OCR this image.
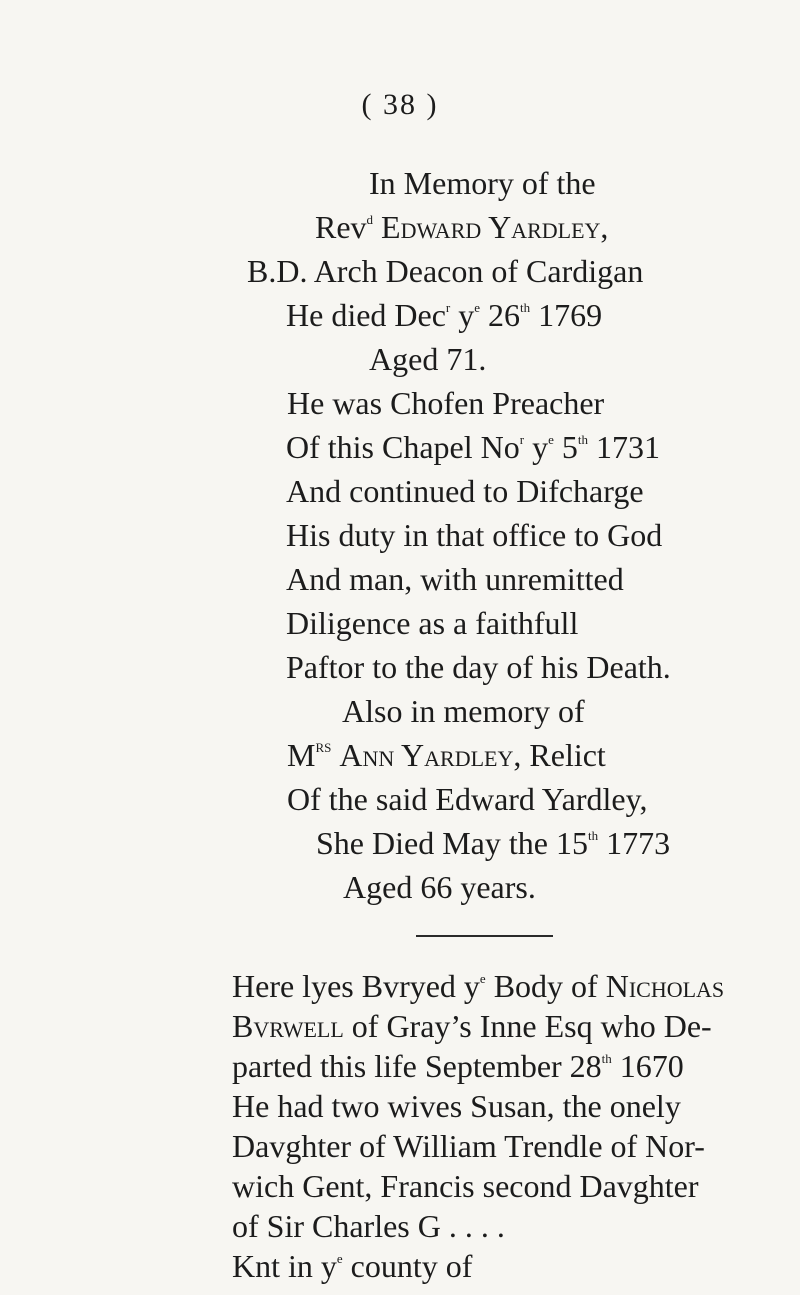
( 38 )
In Memory of the
Rev$^d$ Edward Yardley,
B.D. Arch Deacon of Cardigan
He died Dec$^r$ $y^e$ 26th 1769
Aged 71.
He was Chofen Preacher
Of this Chapel No$^r$ $y^e$ 5th 1731
And continued to Difcharge
His duty in that office to God
And man, with unremitted
Diligence as a faithfull
Paftor to the day of his Death.
Also in memory of
$M^{RS}$ Ann Yardley, Relict
Of the said Edward Yardley,
She Died May the 15th 1773
Aged 66 years.
Here lyes Bvryed $y^e$ Body of Nicholas
Bvrwell of Gray’s Inne Esq who De-
parted this life September 28th 1670
He had two wives Susan, the onely
Davghter of William Trendle of Nor-
wich Gent, Francis second Davghter
of Sir Charles G . . . .
Knt in $y^e$ county of
